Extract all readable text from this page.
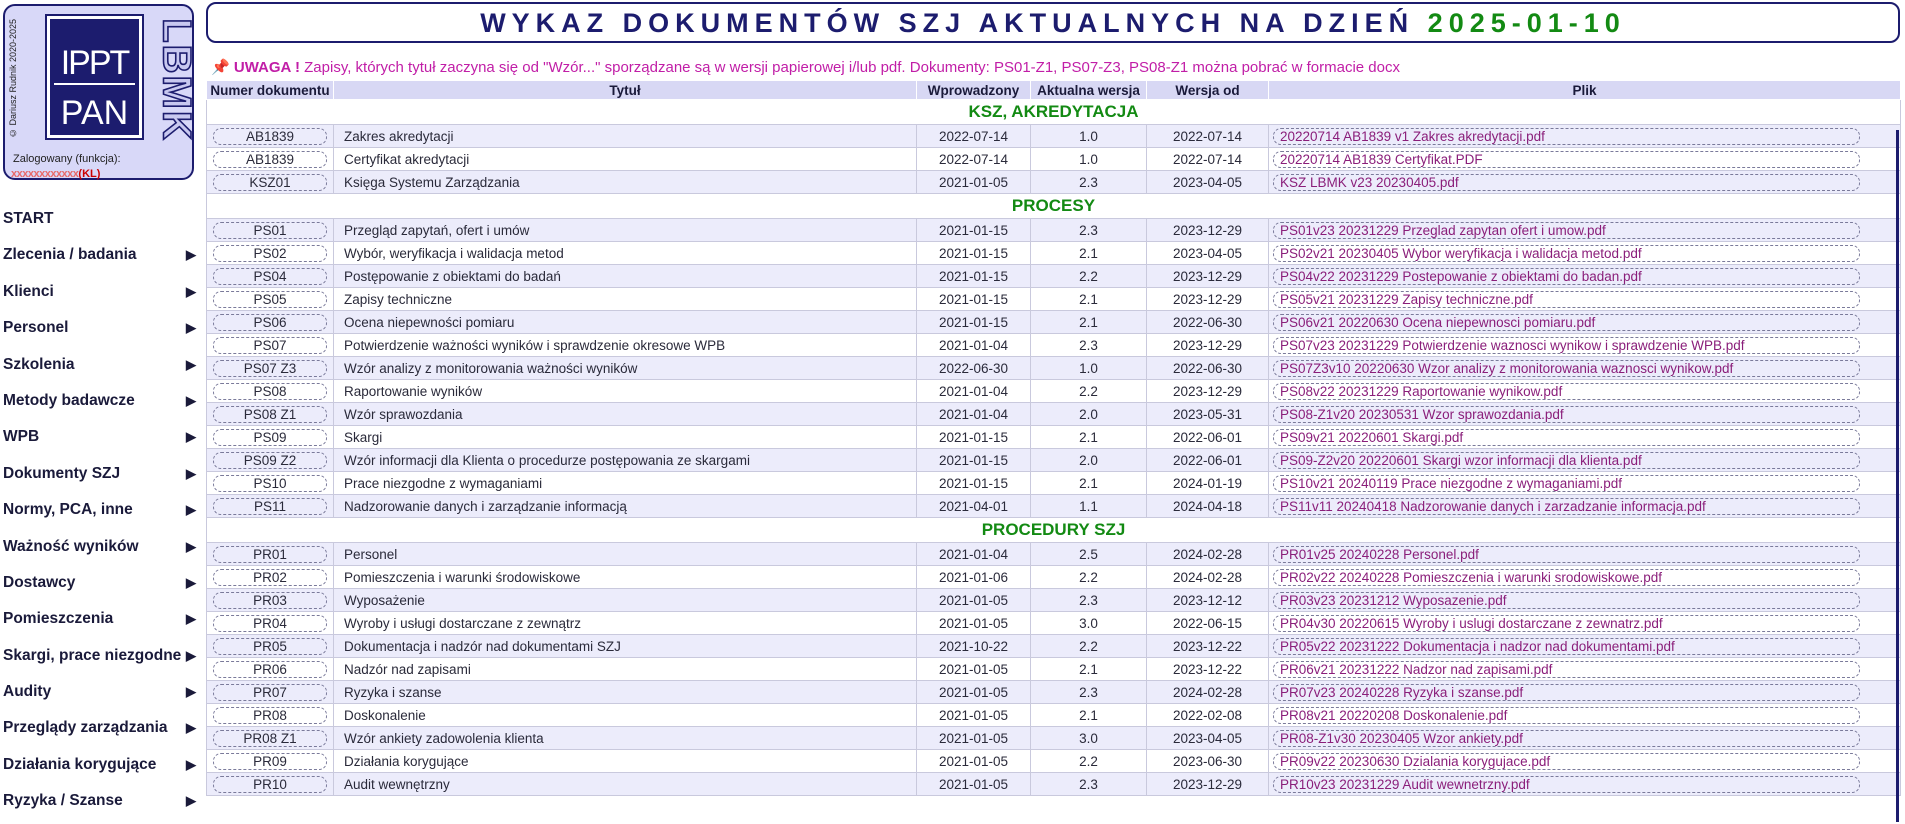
© Dariusz Rudnik 2020-2025 IPPT
PAN LBMK
Zalogowany (funkcja):
xxxxxxxxxxxx(KL)
START
Zlecenia / badania	▶
Klienci	▶
Personel	▶
Szkolenia	▶
Metody badawcze	▶
WPB	▶
Dokumenty SZJ	▶
Normy, PCA, inne	▶
Ważność wyników	▶
Dostawcy	▶
Pomieszczenia	▶
Skargi, prace niezgodne ▶
Audity	▶
Przeglądy zarządzania ▶
Działania korygujące ▶
Ryzyka / Szanse	▶
WYKAZ DOKUMENTÓW SZJ AKTUALNYCH NA DZIEŃ 2025-01-10
📌 UWAGA ! Zapisy, których tytuł zaczyna się od "Wzór..." sporządzane są w wersji papierowej i/lub pdf. Dokumenty: PS01-Z1, PS07-Z3, PS08-Z1 można pobrać w formacie docx
Numer dokumentu	Tytuł	Wprowadzony	Aktualna wersja	Wersja od	Plik
KSZ, AKREDYTACJA					
AB1839	Zakres akredytacji	2022-07-14	1.0	2022-07-14	20220714 AB1839 v1 Zakres akredytacji.pdf

AB1839	Certyfikat akredytacji	2022-07-14	1.0	2022-07-14	20220714 AB1839 Certyfikat.PDF

KSZ01	Księga Systemu Zarządzania	2021-01-05	2.3	2023-04-05	KSZ LBMK v23 20230405.pdf

PROCESY					
PS01	Przegląd zapytań, ofert i umów	2021-01-15	2.3	2023-12-29	PS01v23 20231229 Przeglad zapytan ofert i umow.pdf

PS02	Wybór, weryfikacja i walidacja metod	2021-01-15	2.1	2023-04-05	PS02v21 20230405 Wybor weryfikacja i walidacja metod.pdf

PS04	Postępowanie z obiektami do badań	2021-01-15	2.2	2023-12-29	PS04v22 20231229 Postepowanie z obiektami do badan.pdf

PS05	Zapisy techniczne	2021-01-15	2.1	2023-12-29	PS05v21 20231229 Zapisy techniczne.pdf

PS06	Ocena niepewności pomiaru	2021-01-15	2.1	2022-06-30	PS06v21 20220630 Ocena niepewnosci pomiaru.pdf

PS07	Potwierdzenie ważności wyników i sprawdzenie okresowe WPB	2021-01-04	2.3	2023-12-29	PS07v23 20231229 Potwierdzenie waznosci wynikow i sprawdzenie WPB.pdf

PS07 Z3	Wzór analizy z monitorowania ważności wyników	2022-06-30	1.0	2022-06-30	PS07Z3v10 20220630 Wzor analizy z monitorowania waznosci wynikow.pdf

PS08	Raportowanie wyników	2021-01-04	2.2	2023-12-29	PS08v22 20231229 Raportowanie wynikow.pdf

PS08 Z1	Wzór sprawozdania	2021-01-04	2.0	2023-05-31	PS08-Z1v20 20230531 Wzor sprawozdania.pdf

PS09	Skargi	2021-01-15	2.1	2022-06-01	PS09v21 20220601 Skargi.pdf

PS09 Z2	Wzór informacji dla Klienta o procedurze postępowania ze skargami	2021-01-15	2.0	2022-06-01	PS09-Z2v20 20220601 Skargi wzor informacji dla klienta.pdf

PS10	Prace niezgodne z wymaganiami	2021-01-15	2.1	2024-01-19	PS10v21 20240119 Prace niezgodne z wymaganiami.pdf

PS11	Nadzorowanie danych i zarządzanie informacją	2021-04-01	1.1	2024-04-18	PS11v11 20240418 Nadzorowanie danych i zarzadzanie informacja.pdf

PROCEDURY SZJ					
PR01	Personel	2021-01-04	2.5	2024-02-28	PR01v25 20240228 Personel.pdf

PR02	Pomieszczenia i warunki środowiskowe	2021-01-06	2.2	2024-02-28	PR02v22 20240228 Pomieszczenia i warunki srodowiskowe.pdf

PR03	Wyposażenie	2021-01-05	2.3	2023-12-12	PR03v23 20231212 Wyposazenie.pdf

PR04	Wyroby i usługi dostarczane z zewnątrz	2021-01-05	3.0	2022-06-15	PR04v30 20220615 Wyroby i uslugi dostarczane z zewnatrz.pdf

PR05	Dokumentacja i nadzór nad dokumentami SZJ	2021-10-22	2.2	2023-12-22	PR05v22 20231222 Dokumentacja i nadzor nad dokumentami.pdf

PR06	Nadzór nad zapisami	2021-01-05	2.1	2023-12-22	PR06v21 20231222 Nadzor nad zapisami.pdf

PR07	Ryzyka i szanse	2021-01-05	2.3	2024-02-28	PR07v23 20240228 Ryzyka i szanse.pdf

PR08	Doskonalenie	2021-01-05	2.1	2022-02-08	PR08v21 20220208 Doskonalenie.pdf

PR08 Z1	Wzór ankiety zadowolenia klienta	2021-01-05	3.0	2023-04-05	PR08-Z1v30 20230405 Wzor ankiety.pdf

PR09	Działania korygujące	2021-01-05	2.2	2023-06-30	PR09v22 20230630 Dzialania korygujace.pdf

PR10	Audit wewnętrzny	2021-01-05	2.3	2023-12-29	PR10v23 20231229 Audit wewnetrzny.pdf
